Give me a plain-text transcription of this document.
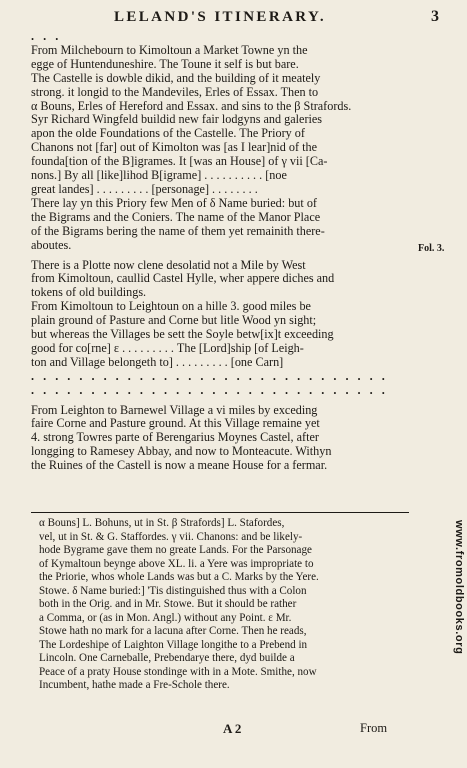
LELAND'S ITINERARY.	3
. . .
From Milchebourn to Kimoltoun a Market Towne yn the
egge of Huntenduneshire. The Toune it self is but bare.
The Castelle is dowble dikid, and the building of it meately
strong. it longid to the Mandeviles, Erles of Essax. Then to
α Bouns, Erles of Hereford and Essax. and sins to the β Strafords.
Syr Richard Wingfeld buildid new fair lodgyns and galeries
apon the olde Foundations of the Castelle. The Priory of
Chanons not [far] out of Kimolton was [as I lear]nid of the
founda[tion of the B]igrames. It [was an House] of γ vii [Ca-
nons.] By all [like]lihod B[igrame] . . . . . . . . . . [noe
great landes] . . . . . . . . . [personage] . . . . . . . .
There lay yn this Priory few Men of δ Name buried: but of
the Bigrams and the Coniers. The name of the Manor Place
of the Bigrams bering the name of them yet remainith there-
aboutes.
There is a Plotte now clene desolatid not a Mile by West
from Kimoltoun, caullid Castel Hylle, wher appere diches and
tokens of old buildings.
From Kimoltoun to Leightoun on a hille 3. good miles be
plain ground of Pasture and Corne but litle Wood yn sight;
but whereas the Villages be sett the Soyle betw[ix]t exceeding
good for co[rne] ε . . . . . . . . . The [Lord]ship [of Leigh-
ton and Village belongeth to] . . . . . . . . . [one Carn]
. . . . . . . . . . . . . . . . . . . . . . . . . . . . . .
. . . . . . . . . . . . . . . . . . . . . . . . . . . . . .
From Leighton to Barnewel Village a vi miles by exceding
faire Corne and Pasture ground. At this Village remaine yet
4. strong Towres parte of Berengarius Moynes Castel, after
longging to Ramesey Abbay, and now to Monteacute. Withyn
the Ruines of the Castell is now a meane House for a fermar.
Fol. 3.
α Bouns] L. Bohuns, ut in St. β Strafords] L. Stafordes,
vel, ut in St. & G. Staffordes. γ vii. Chanons: and be likely-
hode Bygrame gave them no greate Lands. For the Parsonage
of Kymaltoun beynge above XL. li. a Yere was impropriate to
the Priorie, whos whole Lands was but a C. Marks by the Yere.
Stowe. δ Name buried:] 'Tis distinguished thus with a Colon
both in the Orig. and in Mr. Stowe. But it should be rather
a Comma, or (as in Mon. Angl.) without any Point. ε Mr.
Stowe hath no mark for a lacuna after Corne. Then he reads,
The Lordeshipe of Laighton Village longithe to a Prebend in
Lincoln. One Carneballe, Prebendarye there, dyd builde a
Peace of a praty House stondinge with in a Mote. Smithe, now
Incumbent, hathe made a Fre-Schole there.
A 2	From
www.fromoldbooks.org
